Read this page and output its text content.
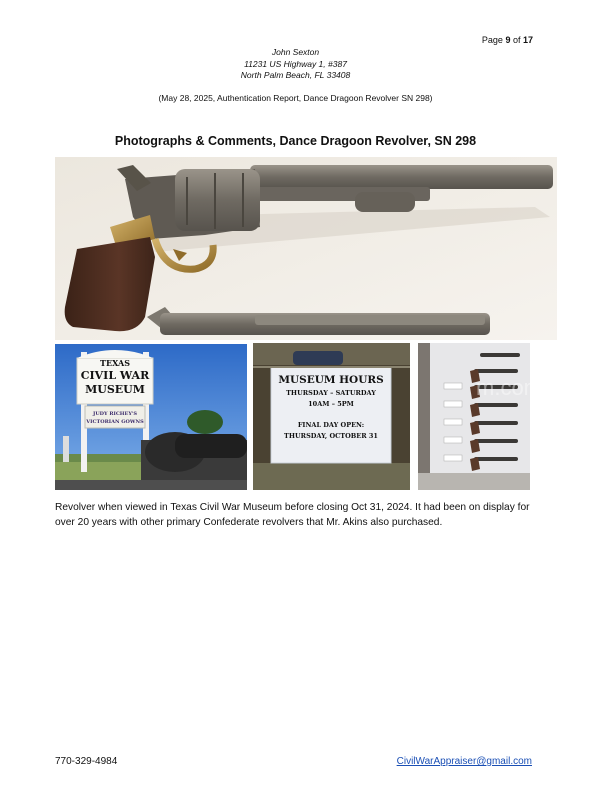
Page 9 of 17
John Sexton
11231 US Highway 1, #387
North Palm Beach, FL 33408
(May 28, 2025, Authentication Report, Dance Dragoon Revolver SN 298)
Photographs & Comments, Dance Dragoon Revolver, SN 298
TEXAS
CIVIL WAR
MUSEUM
JUDY RICHEY'S
VICTORIAN GOWNS
MUSEUM HOURS
THURSDAY – SATURDAY
10AM – 5PM
FINAL DAY OPEN:
THURSDAY, OCTOBER 31
m.com
Revolver when viewed in Texas Civil War Museum before closing Oct 31, 2024. It had been on display for over 20 years with other primary Confederate revolvers that Mr. Akins also purchased.
770-329-4984	CivilWarAppraiser@gmail.com
